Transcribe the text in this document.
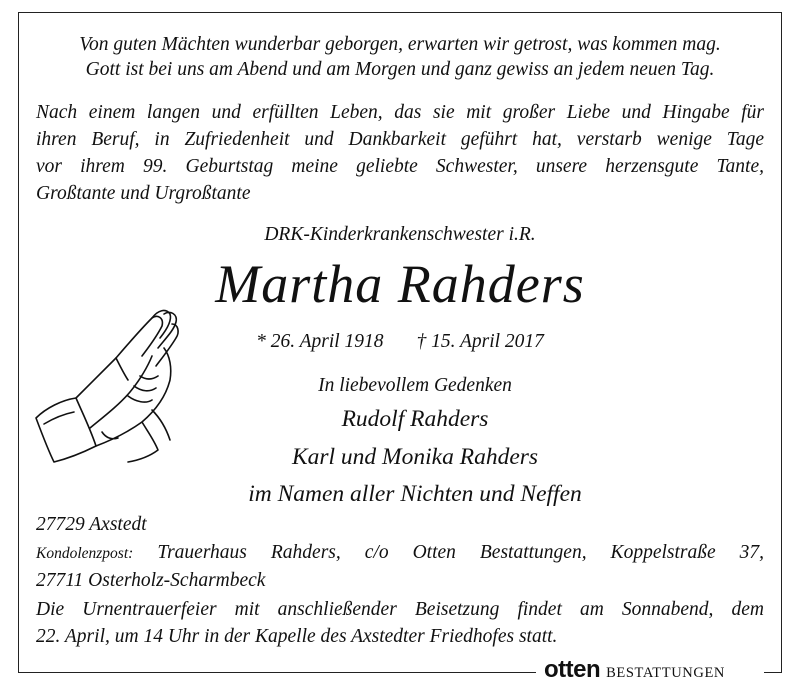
Von guten Mächten wunderbar geborgen, erwarten wir getrost, was kommen mag.
Gott ist bei uns am Abend und am Morgen und ganz gewiss an jedem neuen Tag.
Nach einem langen und erfüllten Leben, das sie mit großer Liebe und Hingabe für
ihren Beruf, in Zufriedenheit und Dankbarkeit geführt hat, verstarb wenige Tage
vor ihrem 99. Geburtstag meine geliebte Schwester, unsere herzensgute Tante,
Großtante und Urgroßtante
DRK-Kinderkrankenschwester i.R.
Martha Rahders
* 26. April 1918 † 15. April 2017
In liebevollem Gedenken
Rudolf Rahders
Karl und Monika Rahders
im Namen aller Nichten und Neffen
27729 Axstedt
Kondolenzpost: Trauerhaus Rahders, c/o Otten Bestattungen, Koppelstraße 37,
27711 Osterholz-Scharmbeck
Die Urnentrauerfeier mit anschließender Beisetzung findet am Sonnabend, dem
22. April, um 14 Uhr in der Kapelle des Axstedter Friedhofes statt.
otten BESTATTUNGEN
